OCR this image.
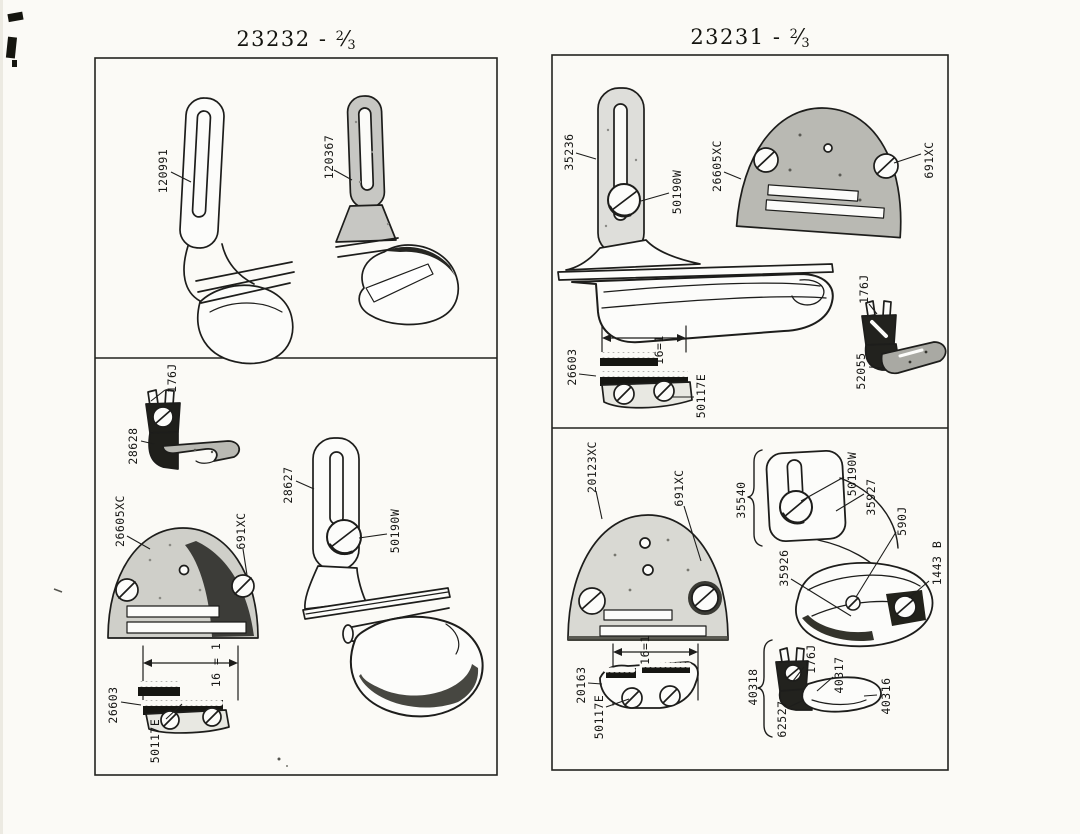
$23232 - ^2⁄_3$	$23231 - ^2⁄_3$
120991	120367
176J
28628
26605XC	691XC
16 = 1
26603
50117E
28627
50190W
35236
50190W
26605XC	691XC
26603	16=1
50117E
176J
52055
20123XC	691XC	35540
50190W
35927
590J
35926	1443 B
16=1
20163
50117E
40318
176J 40317
62527
40316
